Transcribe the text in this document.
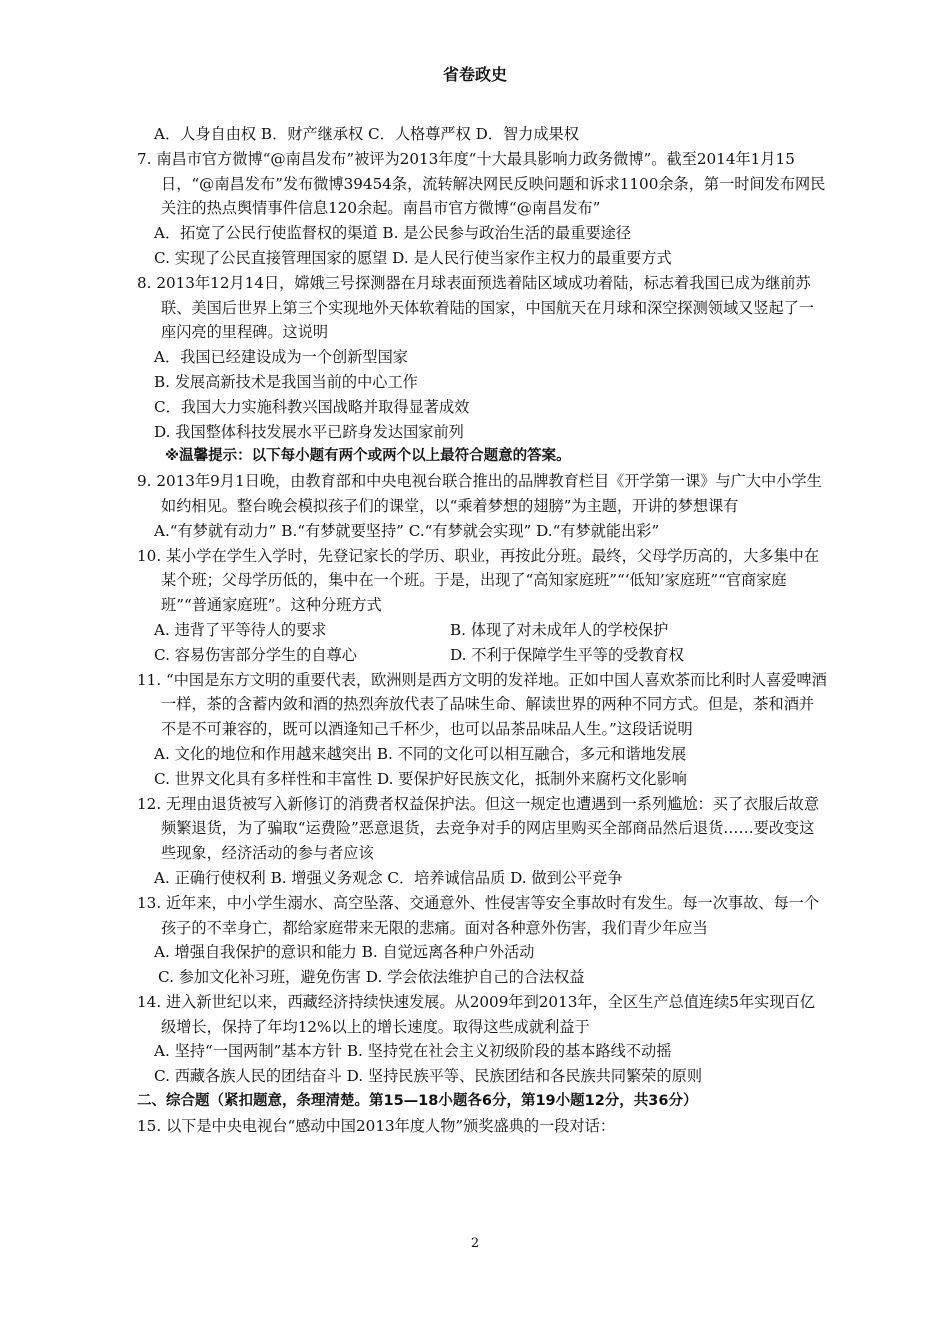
省卷政史

A．人身自由权 B．财产继承权 C．人格尊严权 D．智力成果权

7. 南昌市官方微博“@南昌发布”被评为2013年度“十大最具影响力政务微博”。截至2014年1月15日，“@南昌发布”发布微博39454条，流转解决网民反映问题和诉求1100余条，第一时间发布网民关注的热点舆情事件信息120余起。南昌市官方微博“@南昌发布”

A．拓宽了公民行使监督权的渠道 B. 是公民参与政治生活的最重要途径

C. 实现了公民直接管理国家的愿望 D. 是人民行使当家作主权力的最重要方式

8. 2013年12月14日，嫦娥三号探测器在月球表面预选着陆区域成功着陆，标志着我国已成为继前苏联、美国后世界上第三个实现地外天体软着陆的国家，中国航天在月球和深空探测领域又竖起了一座闪亮的里程碑。这说明

A．我国已经建设成为一个创新型国家

B. 发展高新技术是我国当前的中心工作

C．我国大力实施科教兴国战略并取得显著成效

D. 我国整体科技发展水平已跻身发达国家前列

※温馨提示：以下每小题有两个或两个以上最符合题意的答案。

9. 2013年9月1日晚，由教育部和中央电视台联合推出的品牌教育栏目《开学第一课》与广大中小学生如约相见。整台晚会模拟孩子们的课堂，以“乘着梦想的翅膀”为主题，开讲的梦想课有

A.“有梦就有动力” B.“有梦就要坚持” C.“有梦就会实现” D.“有梦就能出彩”

10. 某小学在学生入学时，先登记家长的学历、职业，再按此分班。最终，父母学历高的，大多集中在某个班；父母学历低的，集中在一个班。于是，出现了“高知家庭班”“‘低知’家庭班”“官商家庭班”“普通家庭班”。这种分班方式

A. 违背了平等待人的要求	B. 体现了对未成年人的学校保护
C. 容易伤害部分学生的自尊心	D. 不利于保障学生平等的受教育权

11. “中国是东方文明的重要代表，欧洲则是西方文明的发祥地。正如中国人喜欢茶而比利时人喜爱啤酒一样，茶的含蓄内敛和酒的热烈奔放代表了品味生命、解读世界的两种不同方式。但是，茶和酒并不是不可兼容的，既可以酒逢知己千杯少，也可以品茶品味品人生。”这段话说明

A. 文化的地位和作用越来越突出 B. 不同的文化可以相互融合，多元和谐地发展

C. 世界文化具有多样性和丰富性 D. 要保护好民族文化，抵制外来腐朽文化影响

12. 无理由退货被写入新修订的消费者权益保护法。但这一规定也遭遇到一系列尴尬：买了衣服后故意频繁退货，为了骗取“运费险”恶意退货，去竞争对手的网店里购买全部商品然后退货……要改变这些现象，经济活动的参与者应该

A. 正确行使权利 B. 增强义务观念 C．培养诚信品质 D. 做到公平竞争

13. 近年来，中小学生溺水、高空坠落、交通意外、性侵害等安全事故时有发生。每一次事故、每一个孩子的不幸身亡，都给家庭带来无限的悲痛。面对各种意外伤害，我们青少年应当

A. 增强自我保护的意识和能力 B. 自觉远离各种户外活动

C. 参加文化补习班，避免伤害 D. 学会依法维护自己的合法权益

14. 进入新世纪以来，西藏经济持续快速发展。从2009年到2013年，全区生产总值连续5年实现百亿级增长，保持了年均12%以上的增长速度。取得这些成就利益于

A. 坚持“一国两制”基本方针 B. 坚持党在社会主义初级阶段的基本路线不动摇

C. 西藏各族人民的团结奋斗 D. 坚持民族平等、民族团结和各民族共同繁荣的原则

二、综合题（紧扣题意，条理清楚。第15—18小题各6分，第19小题12分，共36分）

15. 以下是中央电视台“感动中国2013年度人物”颁奖盛典的一段对话：

2
